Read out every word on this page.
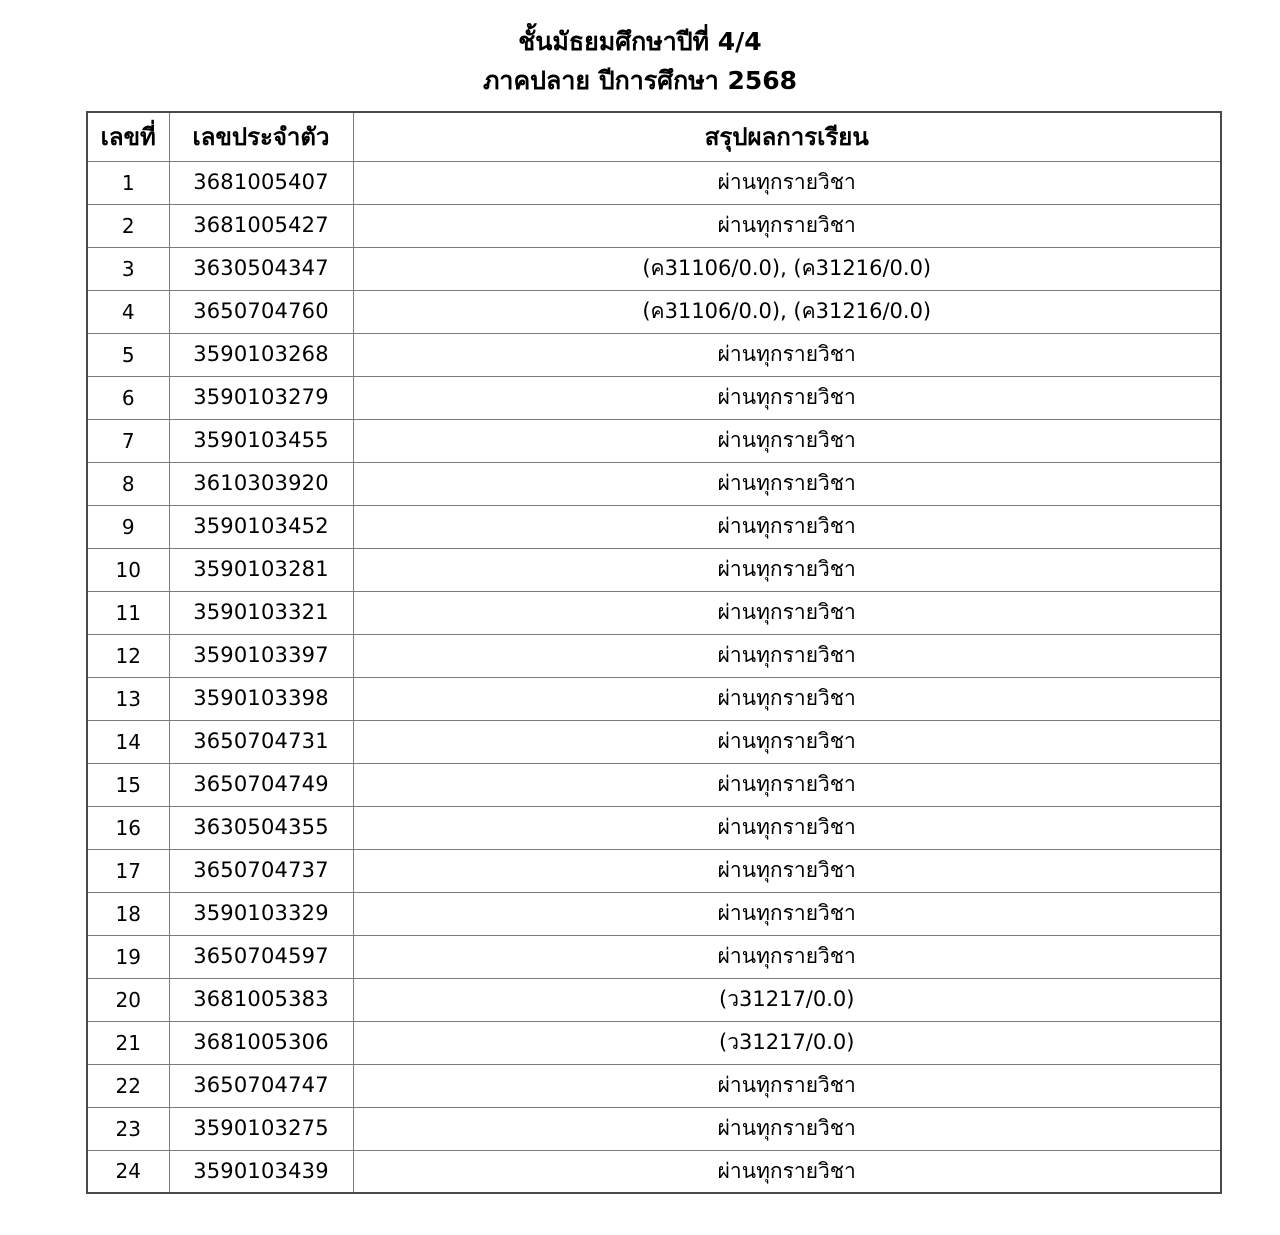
ชั้นมัธยมศึกษาปีที่ 4/4
ภาคปลาย ปีการศึกษา 2568
เลขที่	เลขประจำตัว	สรุปผลการเรียน
1	3681005407	ผ่านทุกรายวิชา
2	3681005427	ผ่านทุกรายวิชา
3	3630504347	(ค31106/0.0), (ค31216/0.0)
4	3650704760	(ค31106/0.0), (ค31216/0.0)
5	3590103268	ผ่านทุกรายวิชา
6	3590103279	ผ่านทุกรายวิชา
7	3590103455	ผ่านทุกรายวิชา
8	3610303920	ผ่านทุกรายวิชา
9	3590103452	ผ่านทุกรายวิชา
10	3590103281	ผ่านทุกรายวิชา
11	3590103321	ผ่านทุกรายวิชา
12	3590103397	ผ่านทุกรายวิชา
13	3590103398	ผ่านทุกรายวิชา
14	3650704731	ผ่านทุกรายวิชา
15	3650704749	ผ่านทุกรายวิชา
16	3630504355	ผ่านทุกรายวิชา
17	3650704737	ผ่านทุกรายวิชา
18	3590103329	ผ่านทุกรายวิชา
19	3650704597	ผ่านทุกรายวิชา
20	3681005383	(ว31217/0.0)
21	3681005306	(ว31217/0.0)
22	3650704747	ผ่านทุกรายวิชา
23	3590103275	ผ่านทุกรายวิชา
24	3590103439	ผ่านทุกรายวิชา
